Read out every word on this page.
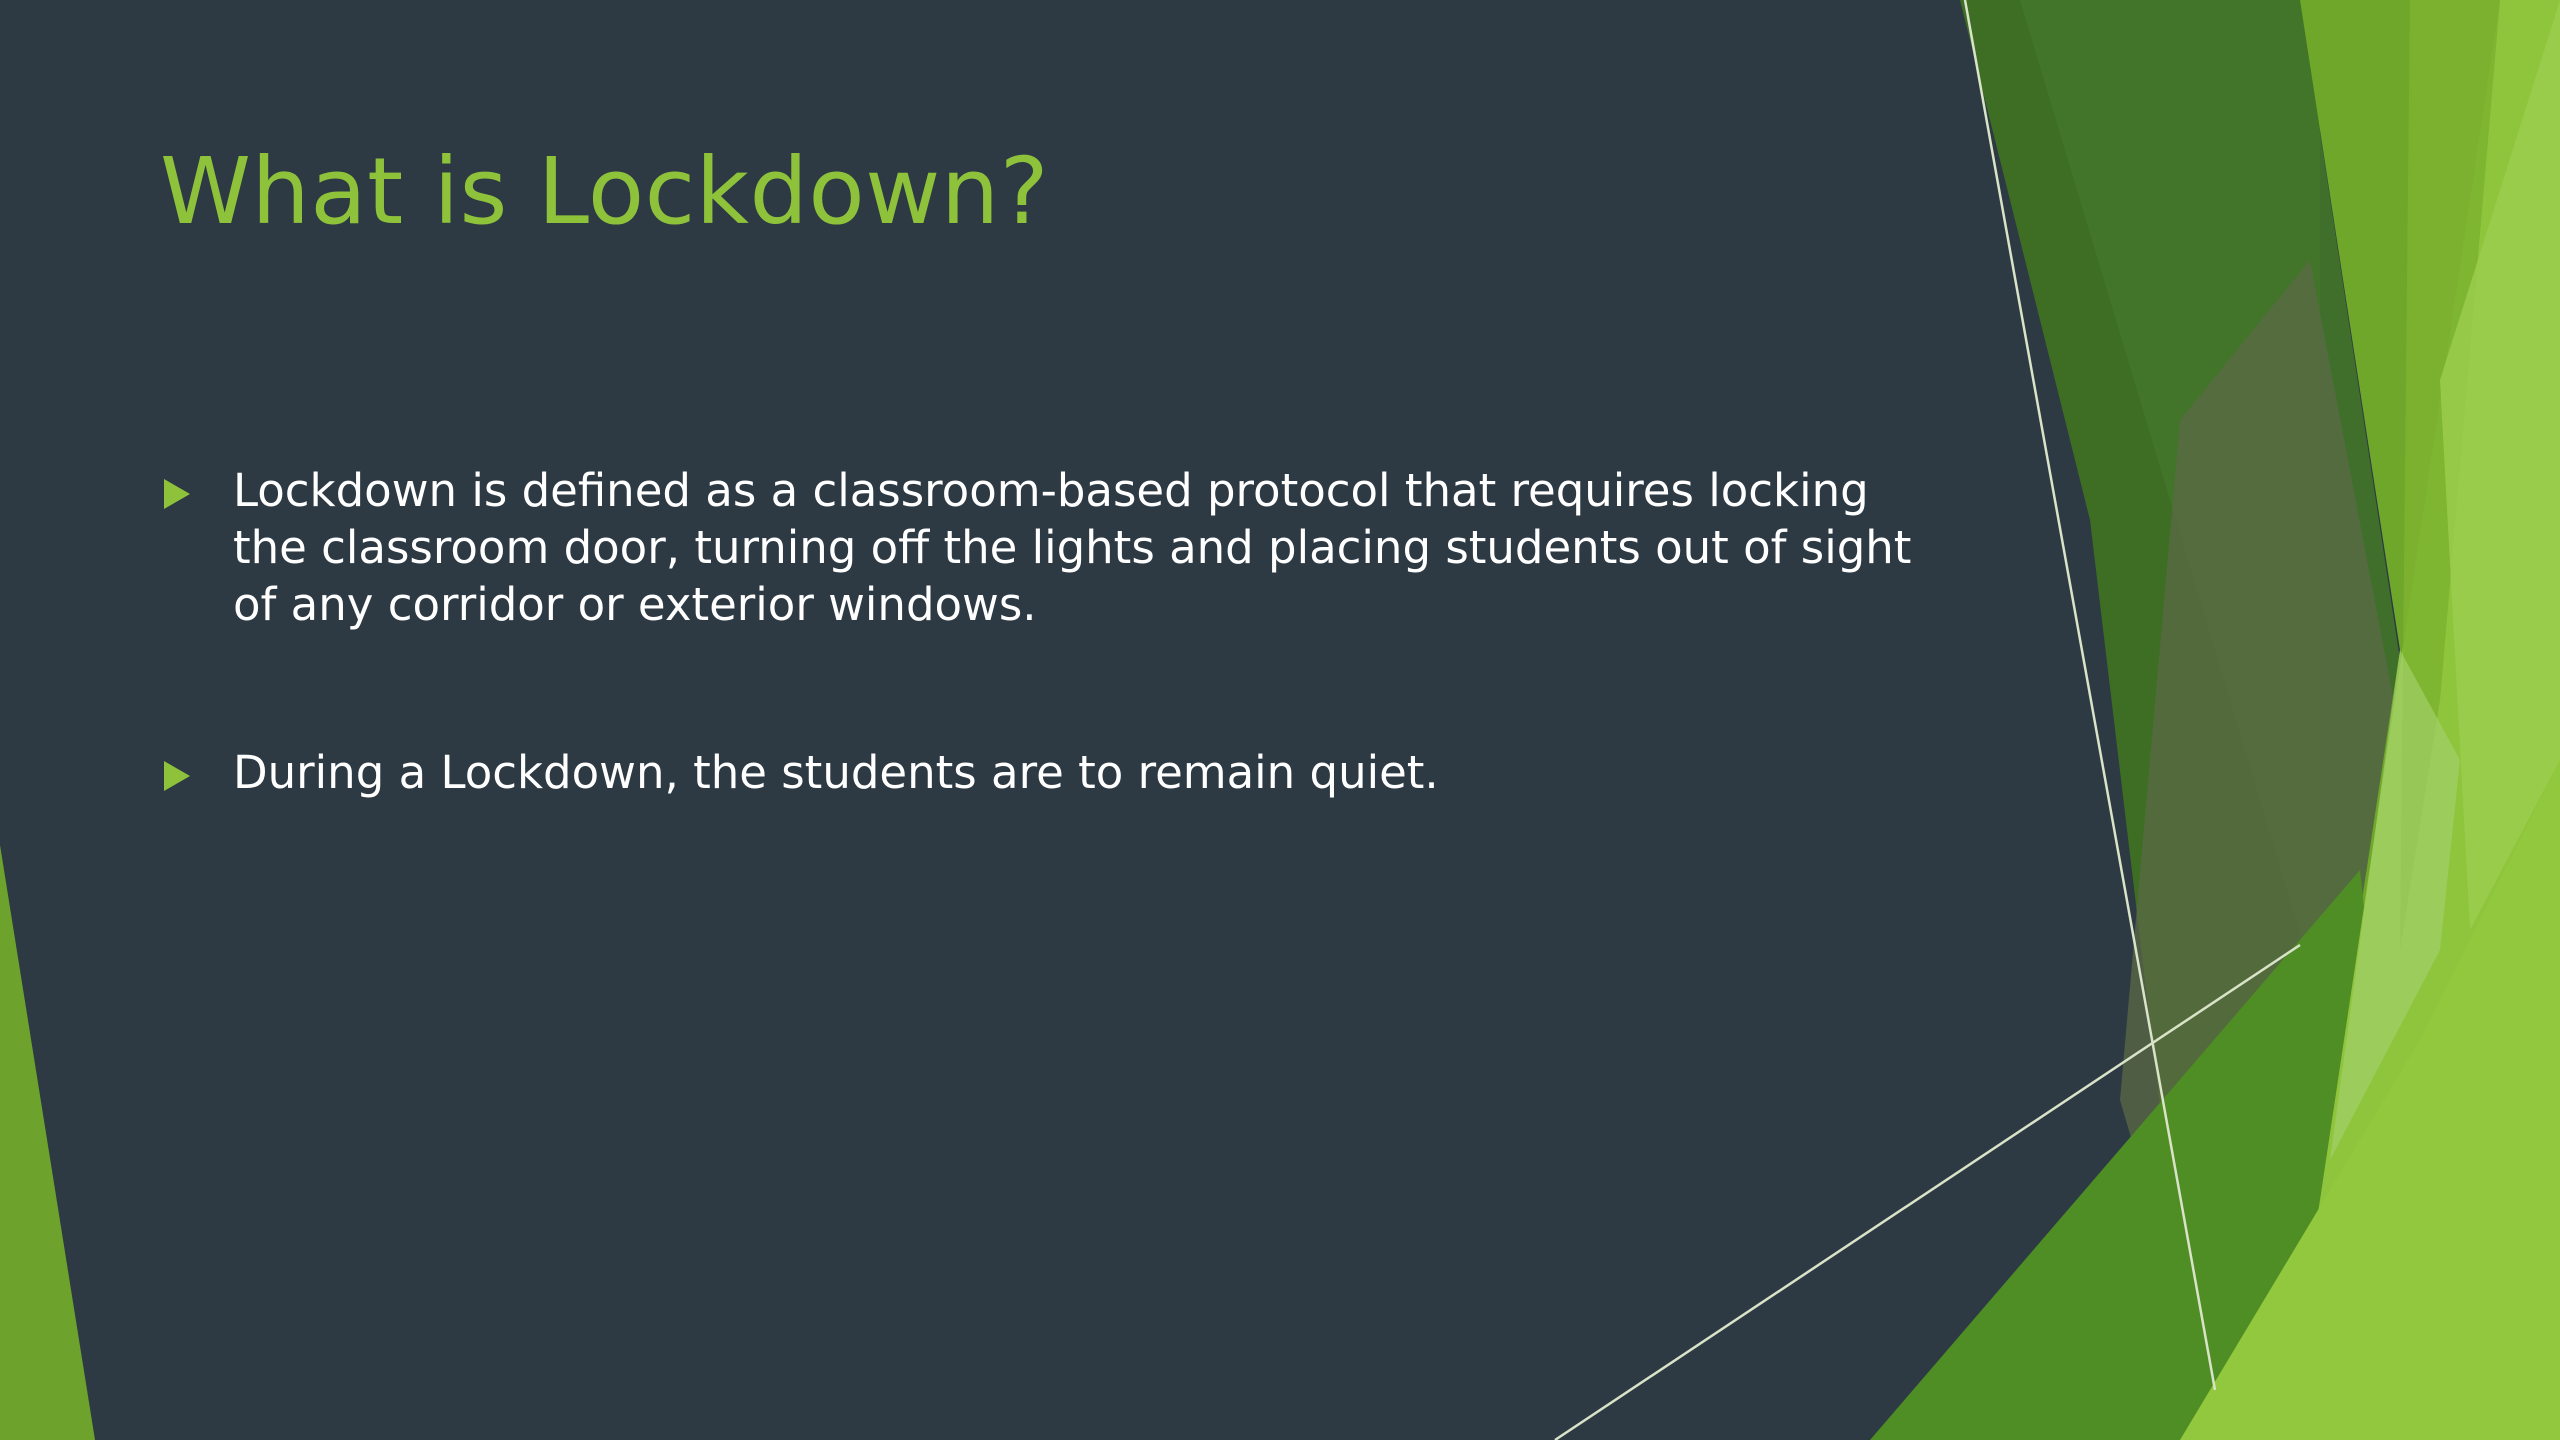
What is Lockdown?
Lockdown is defined as a classroom-based protocol that requires locking the classroom door, turning off the lights and placing students out of sight of any corridor or exterior windows.
During a Lockdown, the students are to remain quiet.
